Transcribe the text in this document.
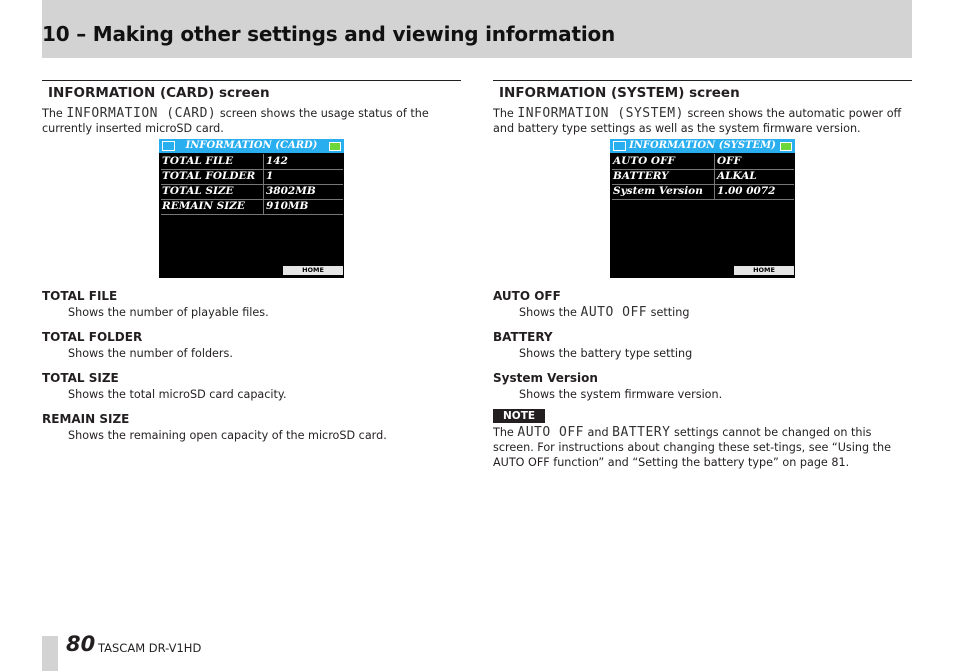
10 – Making other settings and viewing information
INFORMATION (CARD) screen
The INFORMATION (CARD) screen shows the usage status of the currently inserted microSD card.
INFORMATION (CARD)
TOTAL FILE	142
TOTAL FOLDER 1
TOTAL SIZE	3802MB
REMAIN SIZE 910MB
HOME
TOTAL FILE
Shows the number of playable files.
TOTAL FOLDER
Shows the number of folders.
TOTAL SIZE
Shows the total microSD card capacity.
REMAIN SIZE
Shows the remaining open capacity of the microSD card.
INFORMATION (SYSTEM) screen
The INFORMATION (SYSTEM) screen shows the automatic power off and battery type settings as well as the system firmware version.
INFORMATION (SYSTEM)
AUTO OFF	OFF
BATTERY	ALKAL
System Version 1.00 0072
HOME
AUTO OFF
Shows the AUTO OFF setting
BATTERY
Shows the battery type setting
System Version
Shows the system firmware version.
NOTE
The AUTO OFF and BATTERY settings cannot be changed on this screen. For instructions about changing these set-tings, see “Using the AUTO OFF function” and “Setting the battery type” on page 81.
80 TASCAM DR-V1HD
